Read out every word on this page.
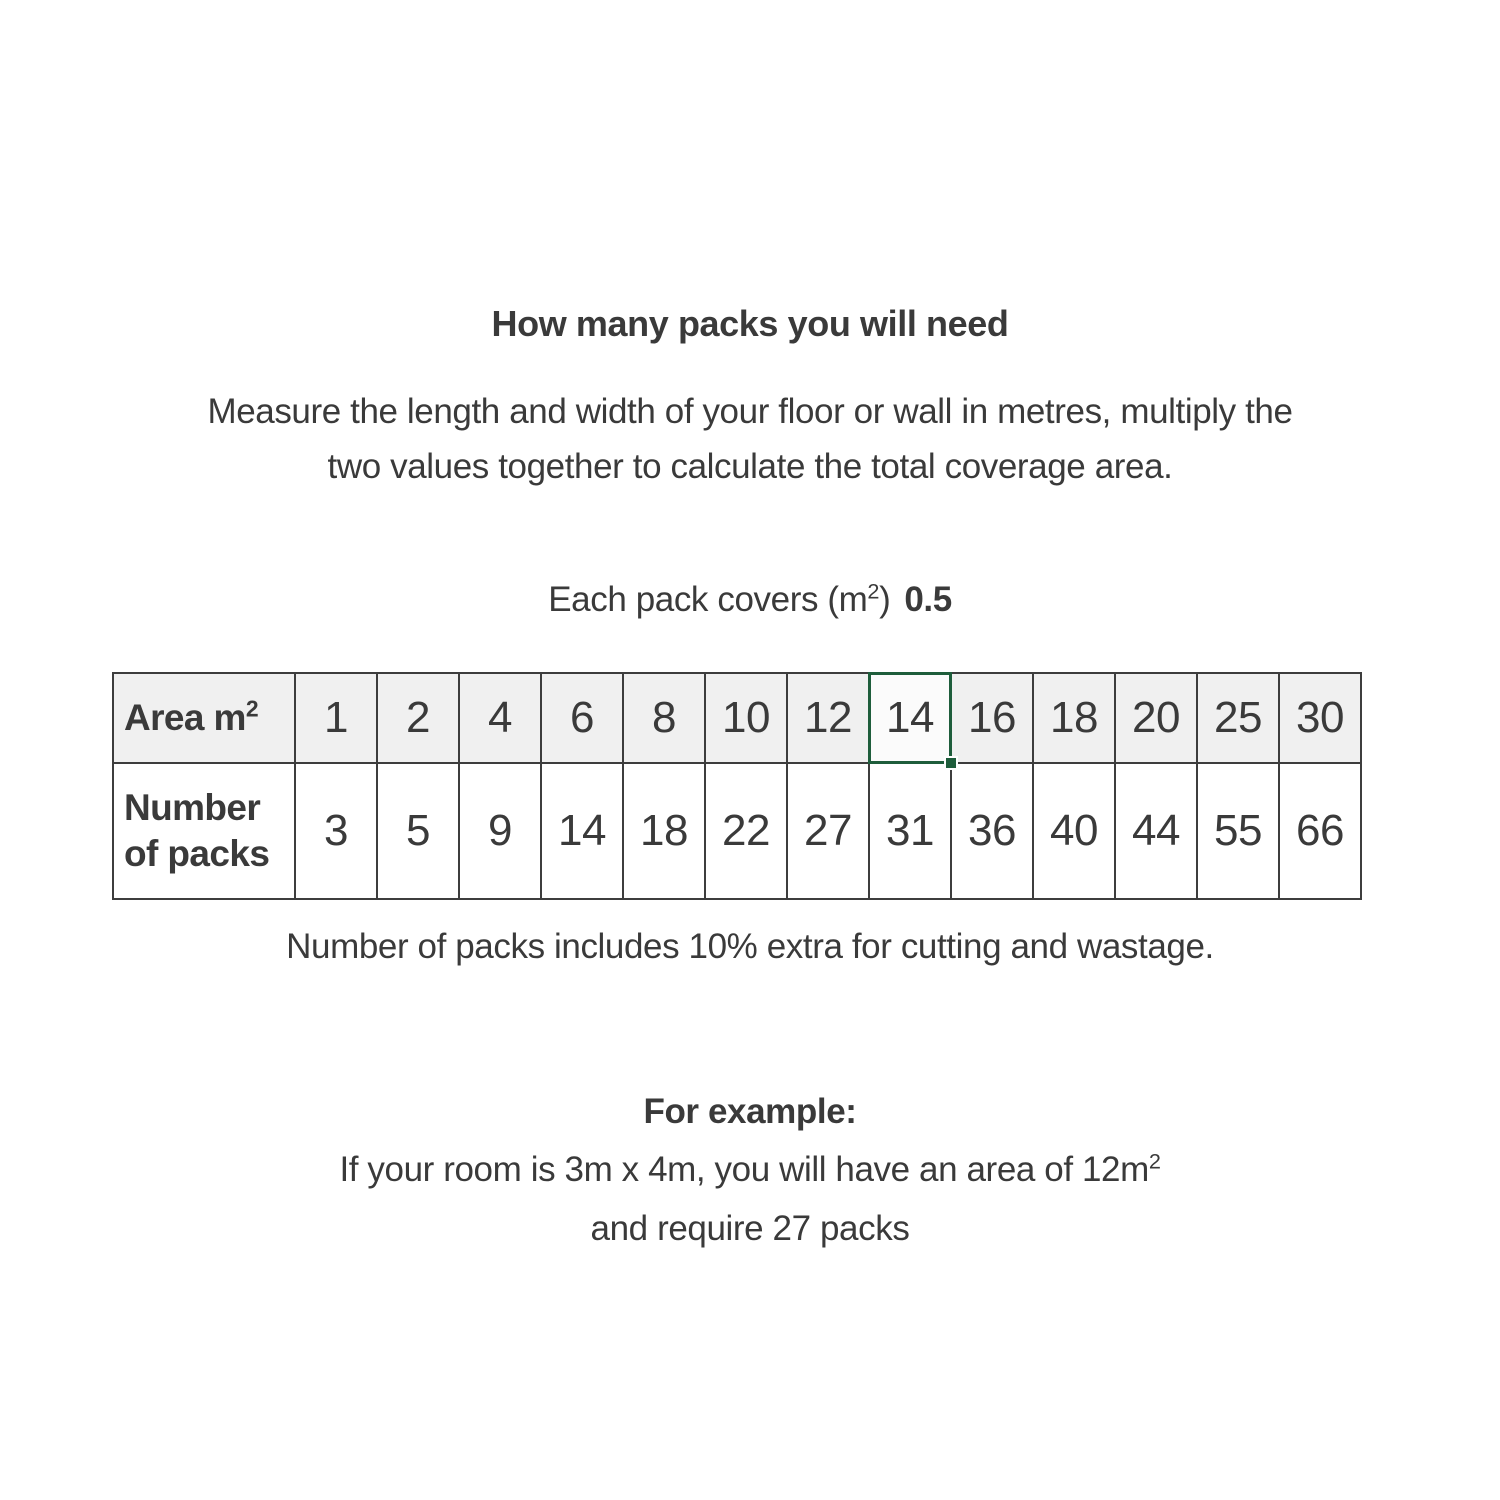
How many packs you will need
Measure the length and width of your floor or wall in metres, multiply the
two values together to calculate the total coverage area.
Each pack covers $(m^2)$ 0.5
Area $m^2$	1	2	4	6	8	10	12	14	16	18	20	25	30
Number of packs	3	5	9	14	18	22	27	31	36	40	44	55	66
Number of packs includes 10% extra for cutting and wastage.
For example:
If your room is 3m x 4m, you will have an area of $12m^2$
and require 27 packs
